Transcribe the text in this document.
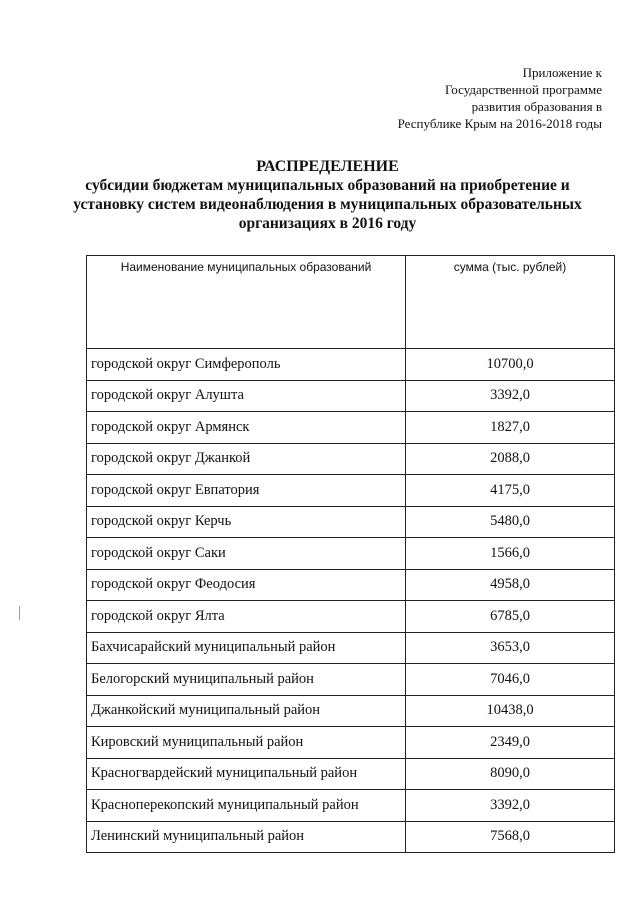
Приложение к
Государственной программе
развития образования в
Республике Крым на 2016-2018 годы
РАСПРЕДЕЛЕНИЕ
субсидии бюджетам муниципальных образований на приобретение и
установку систем видеонаблюдения в муниципальных образовательных
организациях в 2016 году
Наименование муниципальных образований	сумма (тыс. рублей)
городской округ Симферополь	10700,0
городской округ Алушта	3392,0
городской округ Армянск	1827,0
городской округ Джанкой	2088,0
городской округ Евпатория	4175,0
городской округ Керчь	5480,0
городской округ Саки	1566,0
городской округ Феодосия	4958,0
городской округ Ялта	6785,0
Бахчисарайский муниципальный район	3653,0
Белогорский муниципальный район	7046,0
Джанкойский муниципальный район	10438,0
Кировский муниципальный район	2349,0
Красногвардейский муниципальный район	8090,0
Красноперекопский муниципальный район	3392,0
Ленинский муниципальный район	7568,0
